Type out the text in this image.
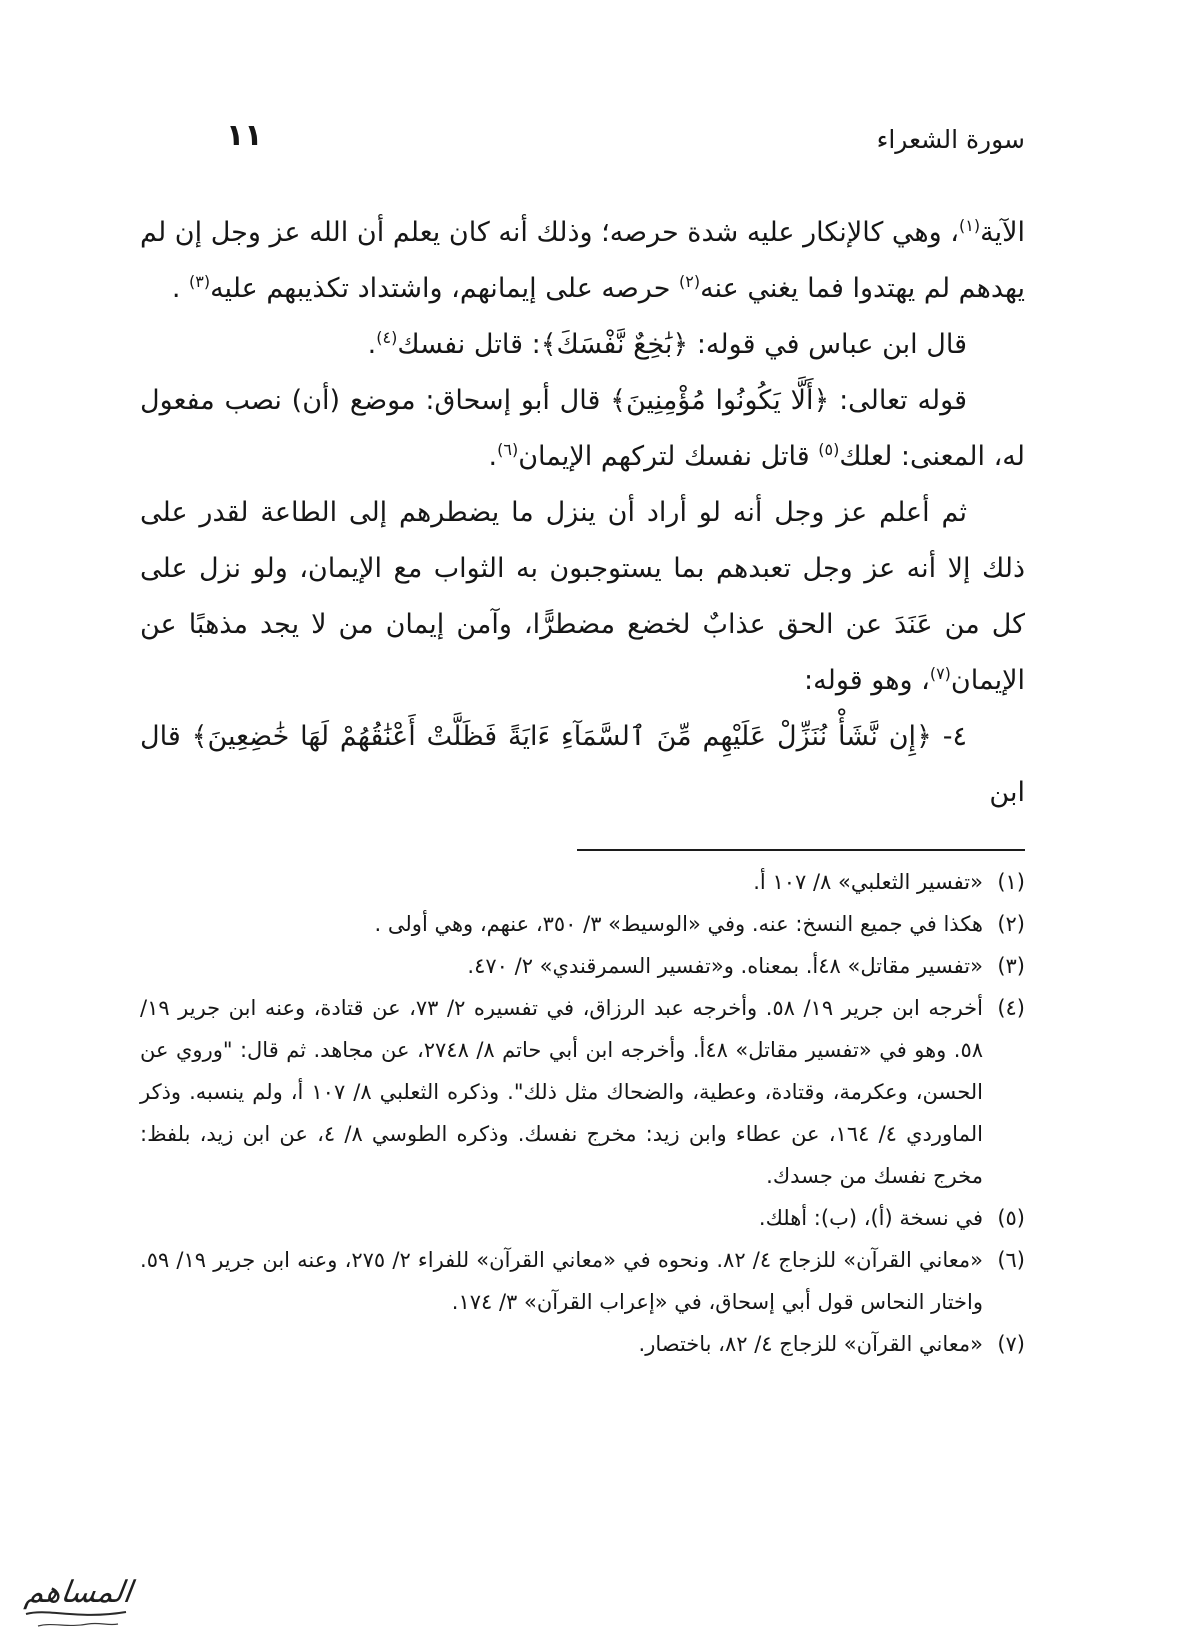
سورة الشعراء
١١

الآية$^{(١)}$، وهي كالإنكار عليه شدة حرصه؛ وذلك أنه كان يعلم أن الله عز وجل إن لم يهدهم لم يهتدوا فما يغني عنه$^{(٢)}$ حرصه على إيمانهم، واشتداد تكذيبهم عليه$^{(٣)}$ .

قال ابن عباس في قوله: ﴿بَٰخِعٌ نَّفْسَكَ﴾: قاتل نفسك$^{(٤)}$.

قوله تعالى: ﴿أَلَّا يَكُونُوا مُؤْمِنِينَ﴾ قال أبو إسحاق: موضع (أن) نصب مفعول له، المعنى: لعلك$^{(٥)}$ قاتل نفسك لتركهم الإيمان$^{(٦)}$.

ثم أعلم عز وجل أنه لو أراد أن ينزل ما يضطرهم إلى الطاعة لقدر على ذلك إلا أنه عز وجل تعبدهم بما يستوجبون به الثواب مع الإيمان، ولو نزل على كل من عَنَدَ عن الحق عذابٌ لخضع مضطرًّا، وآمن إيمان من لا يجد مذهبًا عن الإيمان$^{(٧)}$، وهو قوله:

٤- ﴿إِن نَّشَأْ نُنَزِّلْ عَلَيْهِم مِّنَ ٱلسَّمَآءِ ءَايَةً فَظَلَّتْ أَعْنَٰقُهُمْ لَهَا خَٰضِعِينَ﴾ قال ابن

(١)
«تفسير الثعلبي» ٨/ ١٠٧ أ.
(٢)
هكذا في جميع النسخ: عنه. وفي «الوسيط» ٣/ ٣٥٠، عنهم، وهي أولى .
(٣)
«تفسير مقاتل» ٤٨أ. بمعناه. و«تفسير السمرقندي» ٢/ ٤٧٠.
(٤)
أخرجه ابن جرير ١٩/ ٥٨. وأخرجه عبد الرزاق، في تفسيره ٢/ ٧٣، عن قتادة، وعنه ابن جرير ١٩/ ٥٨. وهو في «تفسير مقاتل» ٤٨أ. وأخرجه ابن أبي حاتم ٨/ ٢٧٤٨، عن مجاهد. ثم قال: "وروي عن الحسن، وعكرمة، وقتادة، وعطية، والضحاك مثل ذلك". وذكره الثعلبي ٨/ ١٠٧ أ، ولم ينسبه. وذكر الماوردي ٤/ ١٦٤، عن عطاء وابن زيد: مخرج نفسك. وذكره الطوسي ٨/ ٤، عن ابن زيد، بلفظ: مخرج نفسك من جسدك.
(٥)
في نسخة (أ)، (ب): أهلك.
(٦)
«معاني القرآن» للزجاج ٤/ ٨٢. ونحوه في «معاني القرآن» للفراء ٢/ ٢٧٥، وعنه ابن جرير ١٩/ ٥٩. واختار النحاس قول أبي إسحاق، في «إعراب القرآن» ٣/ ١٧٤.
(٧)
«معاني القرآن» للزجاج ٤/ ٨٢، باختصار.
المساهم
